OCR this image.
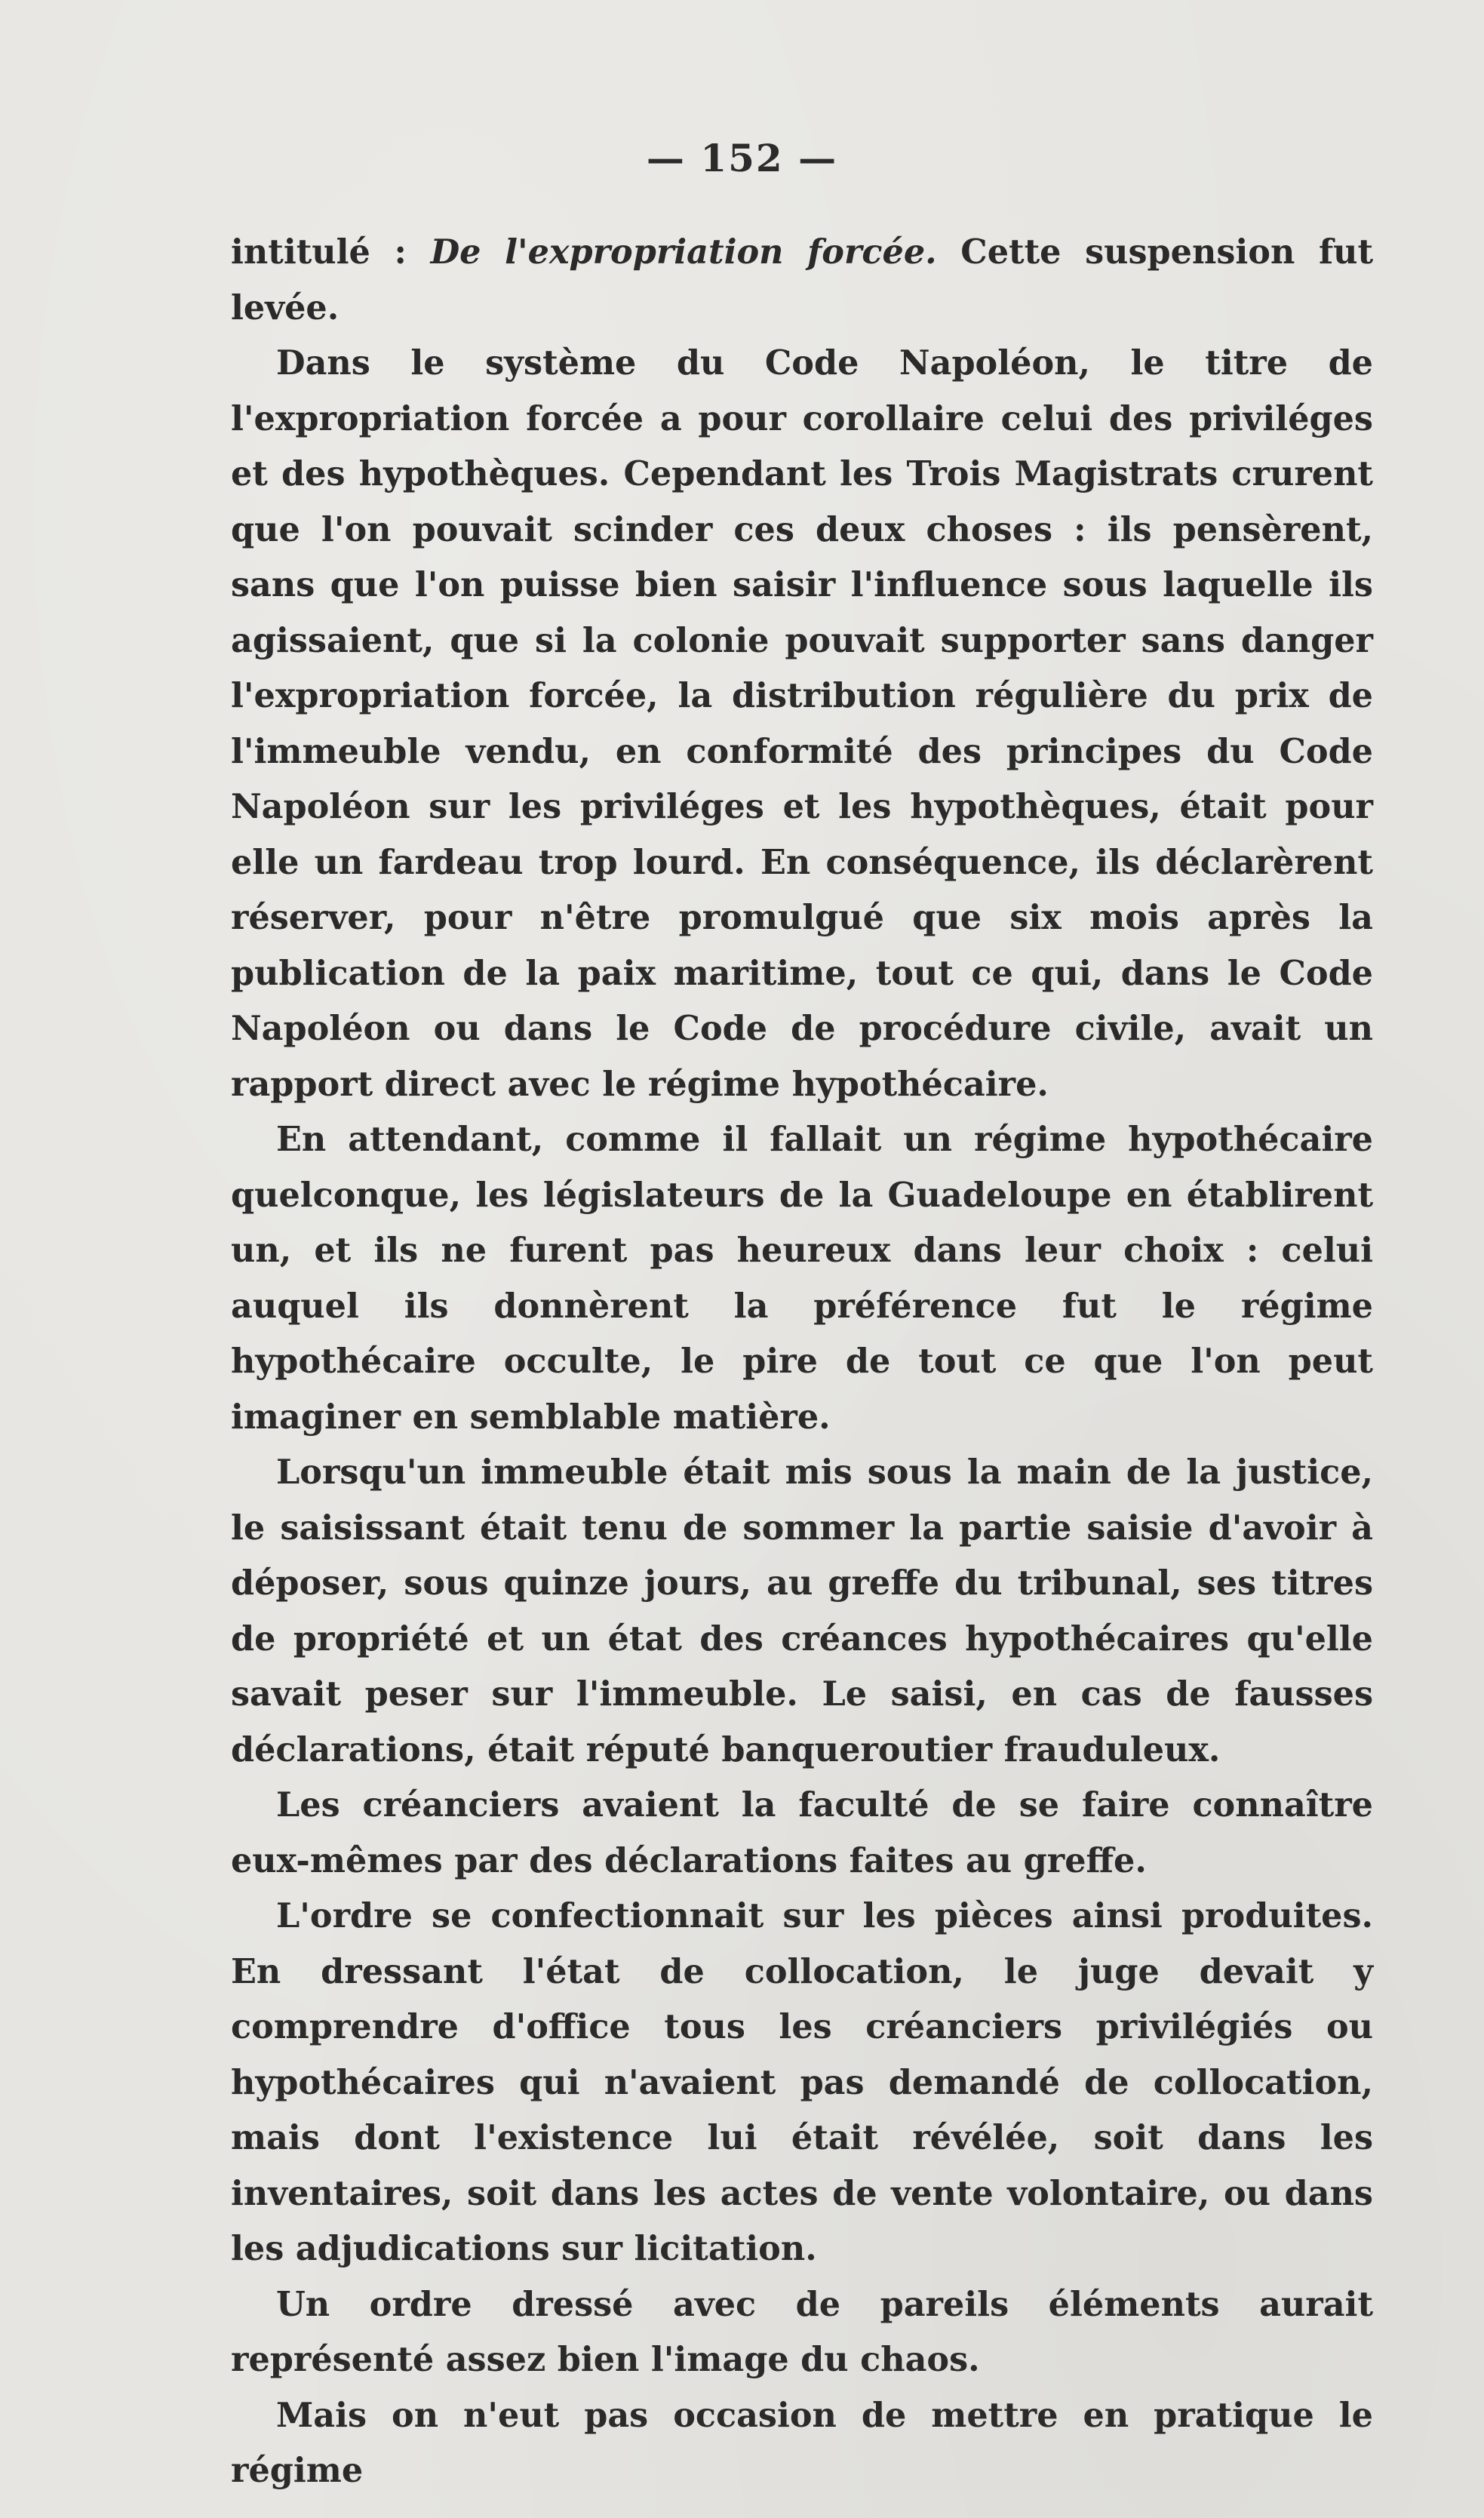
— 152 —

intitulé : De l'expropriation forcée. Cette suspension fut levée.

Dans le système du Code Napoléon, le titre de l'expropriation forcée a pour corollaire celui des priviléges et des hypothèques. Cependant les Trois Magistrats crurent que l'on pouvait scinder ces deux choses : ils pensèrent, sans que l'on puisse bien saisir l'influence sous laquelle ils agissaient, que si la colonie pouvait supporter sans danger l'expropriation forcée, la distribution régulière du prix de l'immeuble vendu, en conformité des principes du Code Napoléon sur les priviléges et les hypothèques, était pour elle un fardeau trop lourd. En conséquence, ils déclarèrent réserver, pour n'être promulgué que six mois après la publication de la paix maritime, tout ce qui, dans le Code Napoléon ou dans le Code de procédure civile, avait un rapport direct avec le régime hypothécaire.

En attendant, comme il fallait un régime hypothécaire quelconque, les législateurs de la Guadeloupe en établirent un, et ils ne furent pas heureux dans leur choix : celui auquel ils donnèrent la préférence fut le régime hypothécaire occulte, le pire de tout ce que l'on peut imaginer en semblable matière.

Lorsqu'un immeuble était mis sous la main de la justice, le saisissant était tenu de sommer la partie saisie d'avoir à déposer, sous quinze jours, au greffe du tribunal, ses titres de propriété et un état des créances hypothécaires qu'elle savait peser sur l'immeuble. Le saisi, en cas de fausses déclarations, était réputé banqueroutier frauduleux.

Les créanciers avaient la faculté de se faire connaître eux-mêmes par des déclarations faites au greffe.

L'ordre se confectionnait sur les pièces ainsi produites. En dressant l'état de collocation, le juge devait y comprendre d'office tous les créanciers privilégiés ou hypothécaires qui n'avaient pas demandé de collocation, mais dont l'existence lui était révélée, soit dans les inventaires, soit dans les actes de vente volontaire, ou dans les adjudications sur licitation.

Un ordre dressé avec de pareils éléments aurait représenté assez bien l'image du chaos.

Mais on n'eut pas occasion de mettre en pratique le régime
